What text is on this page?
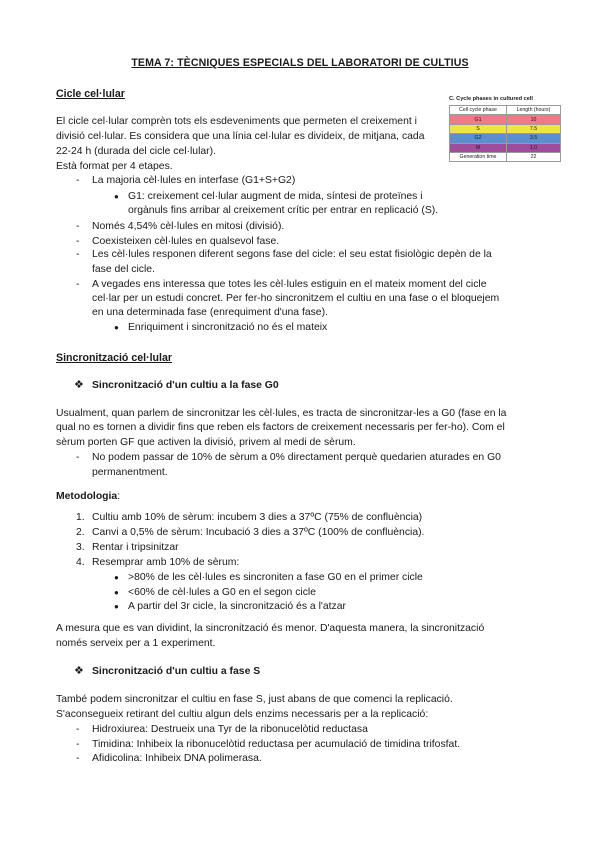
TEMA 7: TÈCNIQUES ESPECIALS DEL LABORATORI DE CULTIUS
Cicle cel·lular
El cicle cel·lular comprèn tots els esdeveniments que permeten el creixement i
divisió cel·lular. Es considera que una línia cel·lular es divideix, de mitjana, cada
22-24 h (durada del cicle cel·lular).
Està format per 4 etapes.
- La majoria cèl·lules en interfase (G1+S+G2)
● G1: creixement cel·lular augment de mida, síntesi de proteïnes i
orgànuls fins arribar al creixement crític per entrar en replicació (S).
- Només 4,54% cèl·lules en mitosi (divisió).
- Coexisteixen cèl·lules en qualsevol fase.
- Les cèl·lules responen diferent segons fase del cicle: el seu estat fisiològic depèn de la
fase del cicle.
- A vegades ens interessa que totes les cèl·lules estiguin en el mateix moment del cicle
cel·lar per un estudi concret. Per fer-ho sincronitzem el cultiu en una fase o el bloquejem
en una determinada fase (enrequiment d'una fase).
● Enriquiment i sincronització no és el mateix
C. Cycle phases in cultured cell
Cell cycle phase	Length (hours)
G1	10
S	7.5
G2	3.5
M	1.0
Generation time	22
Sincronització cel·lular
❖ Sincronització d'un cultiu a la fase G0
Usualment, quan parlem de sincronitzar les cèl·lules, es tracta de sincronitzar-les a G0 (fase en la
qual no es tornen a dividir fins que reben els factors de creixement necessaris per fer-ho). Com el
sèrum porten GF que activen la divisió, privem al medi de sèrum.
- No podem passar de 10% de sèrum a 0% directament perquè quedarien aturades en G0
permanentment.
Metodologia:
1. Cultiu amb 10% de sèrum: incubem 3 dies a 37ºC (75% de confluència)
2. Canvi a 0,5% de sèrum: Incubació 3 dies a 37ºC (100% de confluència).
3. Rentar i tripsinitzar
4. Resemprar amb 10% de sèrum:
● >80% de les cèl·lules es sincroniten a fase G0 en el primer cicle
● <60% de cèl·lules a G0 en el segon cicle
● A partir del 3r cicle, la sincronització és a l'atzar
A mesura que es van dividint, la sincronització és menor. D'aquesta manera, la sincronització
només serveix per a 1 experiment.
❖ Sincronització d'un cultiu a fase S
També podem sincronitzar el cultiu en fase S, just abans de que comenci la replicació.
S'aconsegueix retirant del cultiu algun dels enzims necessaris per a la replicació:
- Hidroxiurea: Destrueix una Tyr de la ribonucelòtid reductasa
- Timidina: Inhibeix la ribonucelòtid reductasa per acumulació de timidina trifosfat.
- Afidicolina: Inhibeix DNA polimerasa.
